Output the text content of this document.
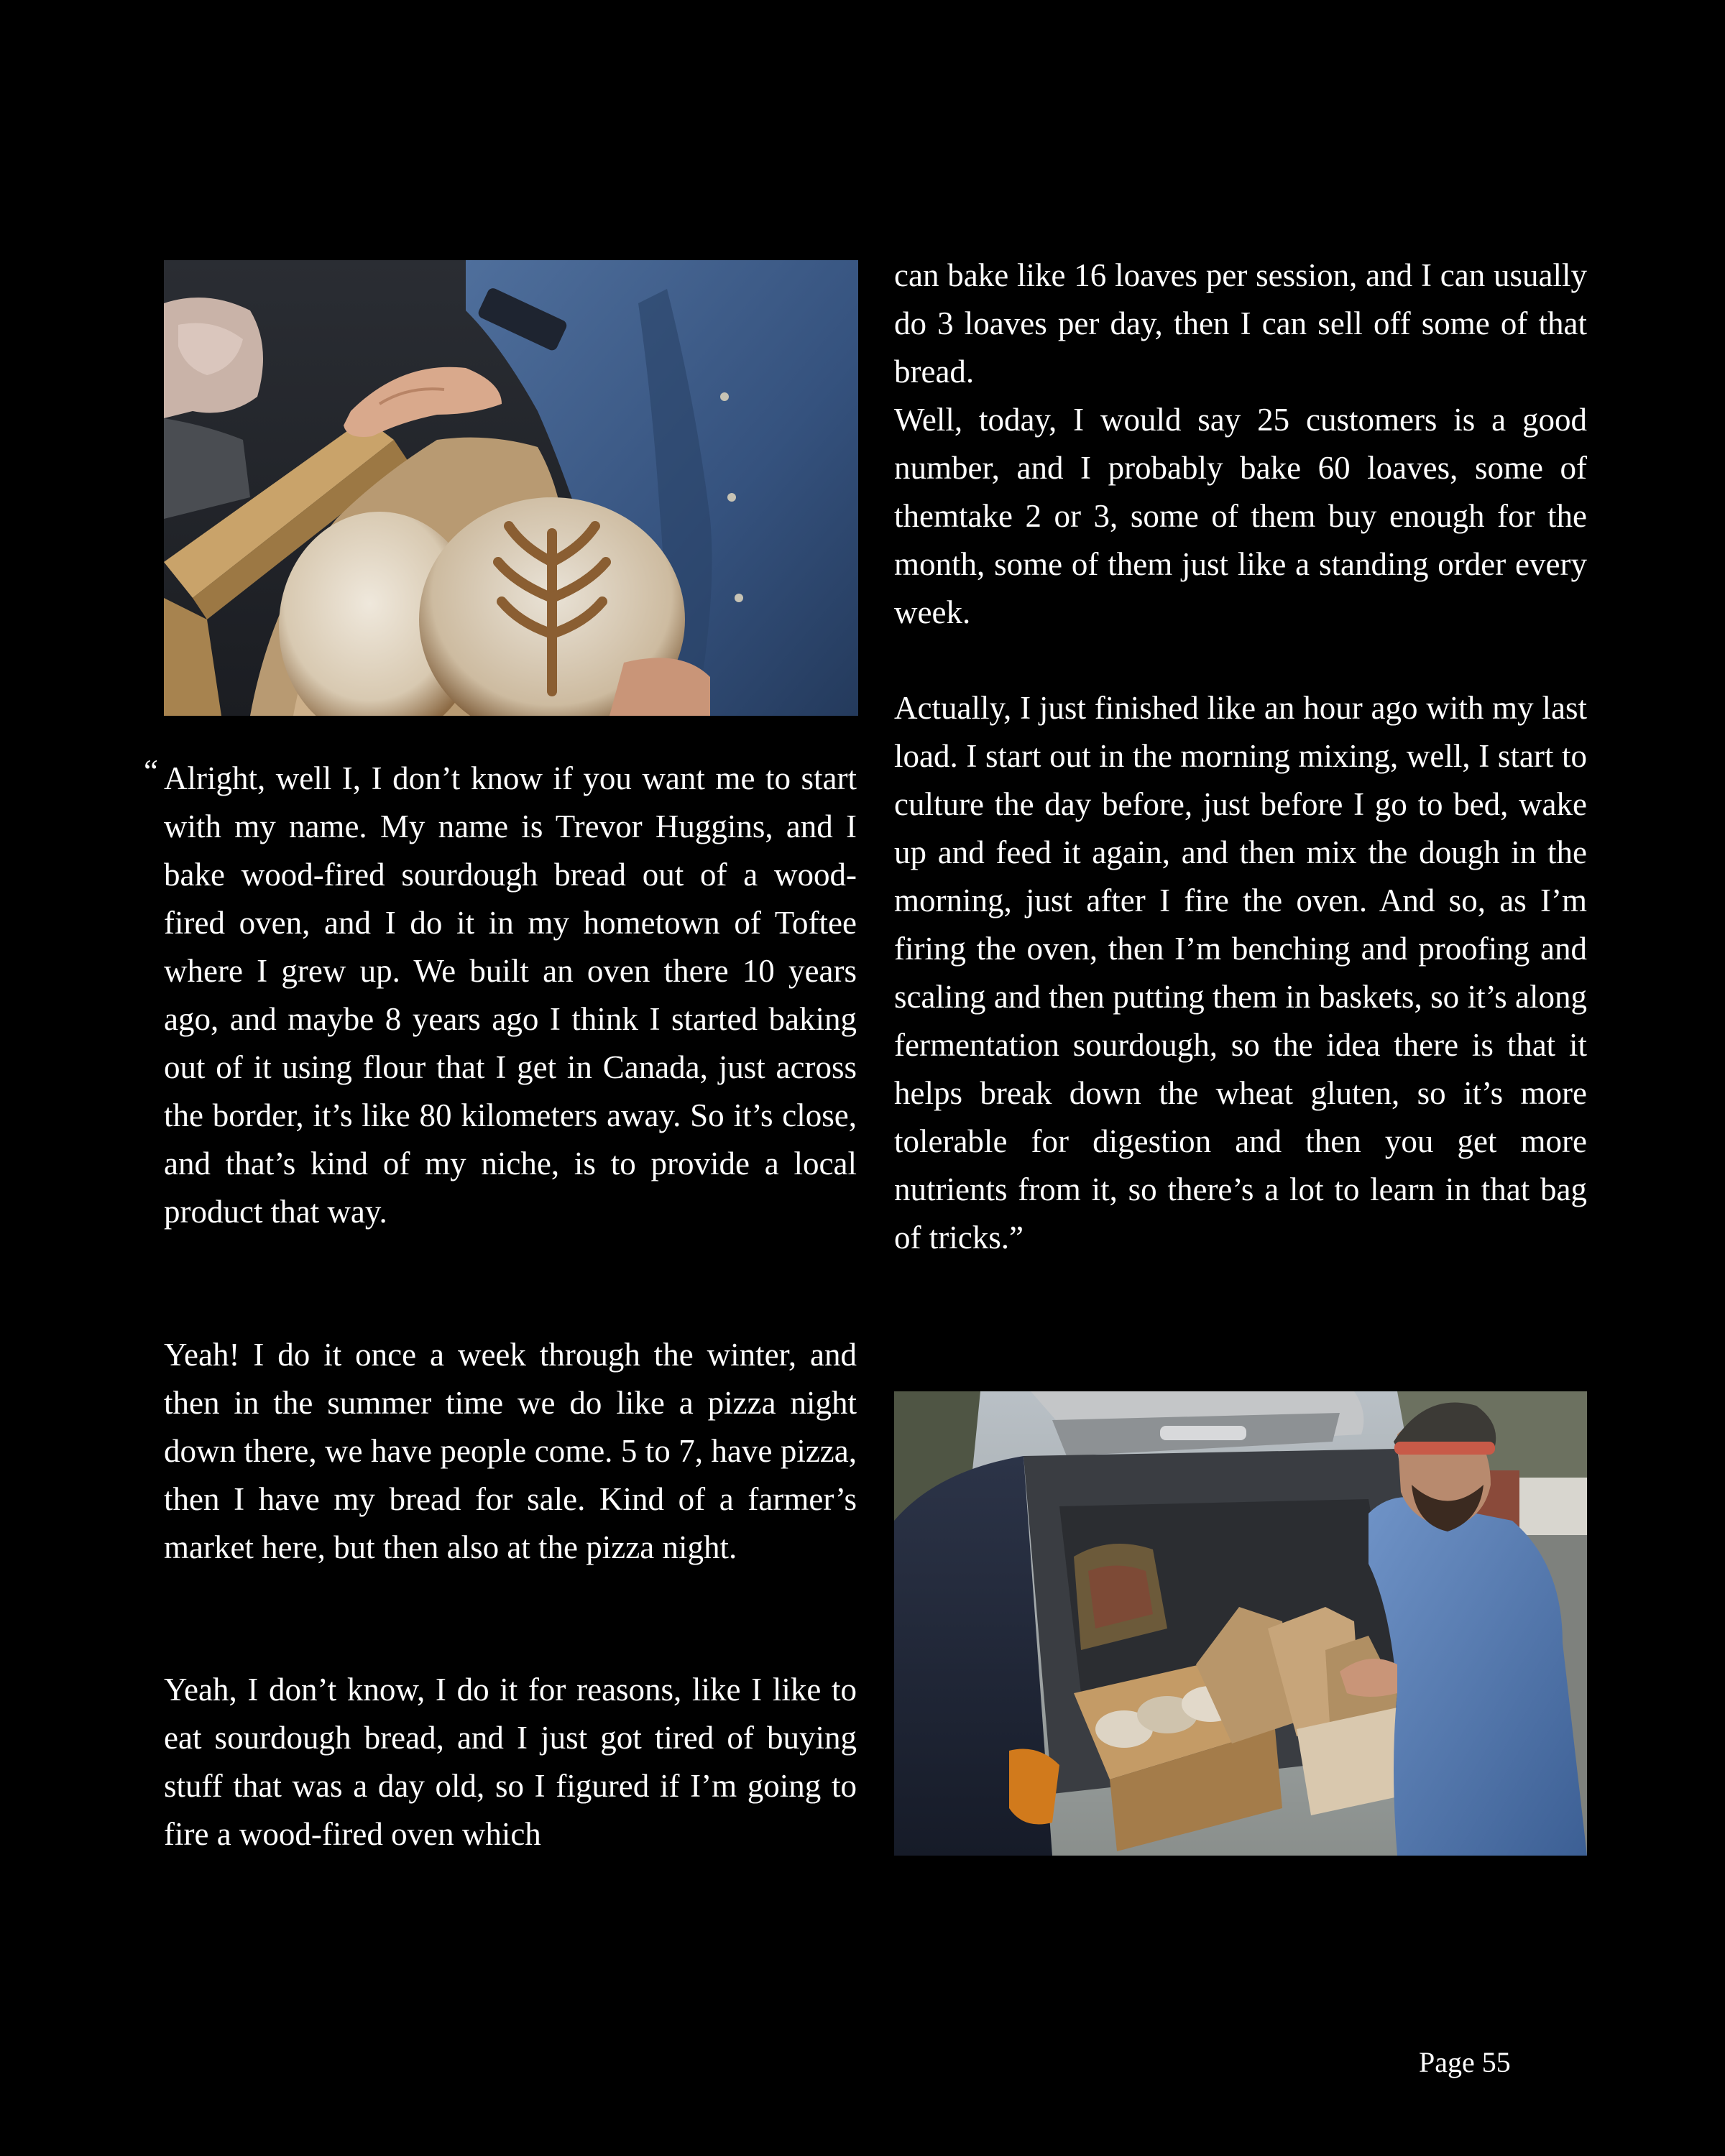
“ Alright, well I, I don’t know if you want me to start with my name. My name is Trevor Huggins, and I bake wood-fired sourdough bread out of a wood-fired oven, and I do it in my hometown of Toftee where I grew up. We built an oven there 10 years ago, and maybe 8 years ago I think I started baking out of it using flour that I get in Canada, just across the border, it’s like 80 kilometers away. So it’s close, and that’s kind of my niche, is to provide a local product that way.

Yeah! I do it once a week through the winter, and then in the summer time we do like a pizza night down there, we have people come. 5 to 7, have pizza, then I have my bread for sale. Kind of a farmer’s market here, but then also at the pizza night.

Yeah, I don’t know, I do it for reasons, like I like to eat sourdough bread, and I just got tired of buying stuff that was a day old, so I figured if I’m going to fire a wood-fired oven which

can bake like 16 loaves per session, and I can usually do 3 loaves per day, then I can sell off some of that bread.

Well, today, I would say 25 customers is a good number, and I probably bake 60 loaves, some of themtake 2 or 3, some of them buy enough for the month, some of them just like a standing order every week.

Actually, I just finished like an hour ago with my last load. I start out in the morning mixing, well, I start to culture the day before, just before I go to bed, wake up and feed it again, and then mix the dough in the morning, just after I fire the oven. And so, as I’m firing the oven, then I’m benching and proofing and scaling and then putting them in baskets, so it’s along fermentation sourdough, so the idea there is that it helps break down the wheat gluten, so it’s more tolerable for digestion and then you get more nutrients from it, so there’s a lot to learn in that bag of tricks.”

Page 55
